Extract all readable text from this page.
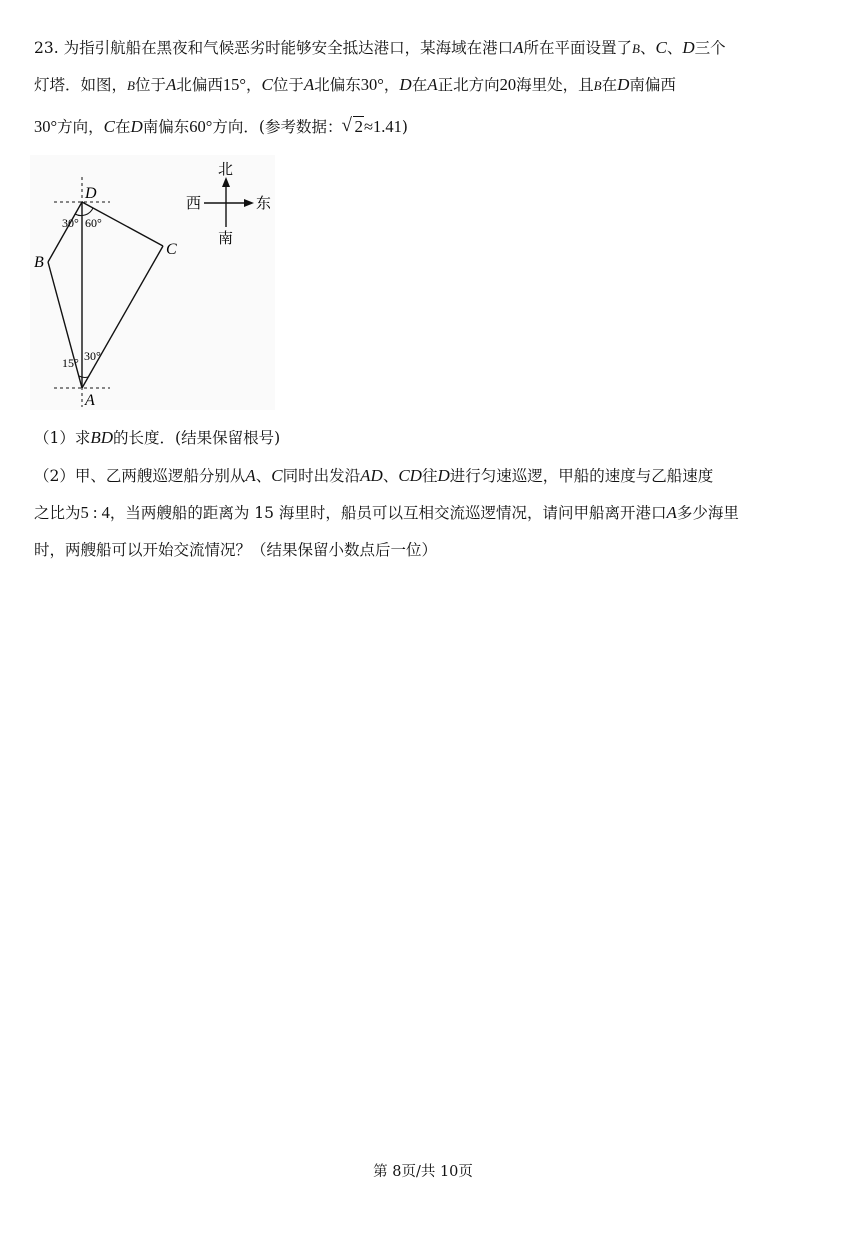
23. 为指引航船在黑夜和气候恶劣时能够安全抵达港口，某海域在港口A所在平面设置了B、C、D三个
灯塔．如图，B位于A北偏西15°，C位于A北偏东30°，D在A正北方向20海里处，且B在D南偏西
30°方向，C在D南偏东60°方向．(参考数据：√ 2≈1.41)
D
B
C
A
30° 60°
15° 30°
北
南
西	东
（1）求BD的长度．(结果保留根号)
（2）甲、乙两艘巡逻船分别从A、C同时出发沿AD、CD往D进行匀速巡逻，甲船的速度与乙船速度
之比为5 : 4，当两艘船的距离为 15 海里时，船员可以互相交流巡逻情况，请问甲船离开港口A多少海里
时，两艘船可以开始交流情况？（结果保留小数点后一位）
第 8页/共 10页
